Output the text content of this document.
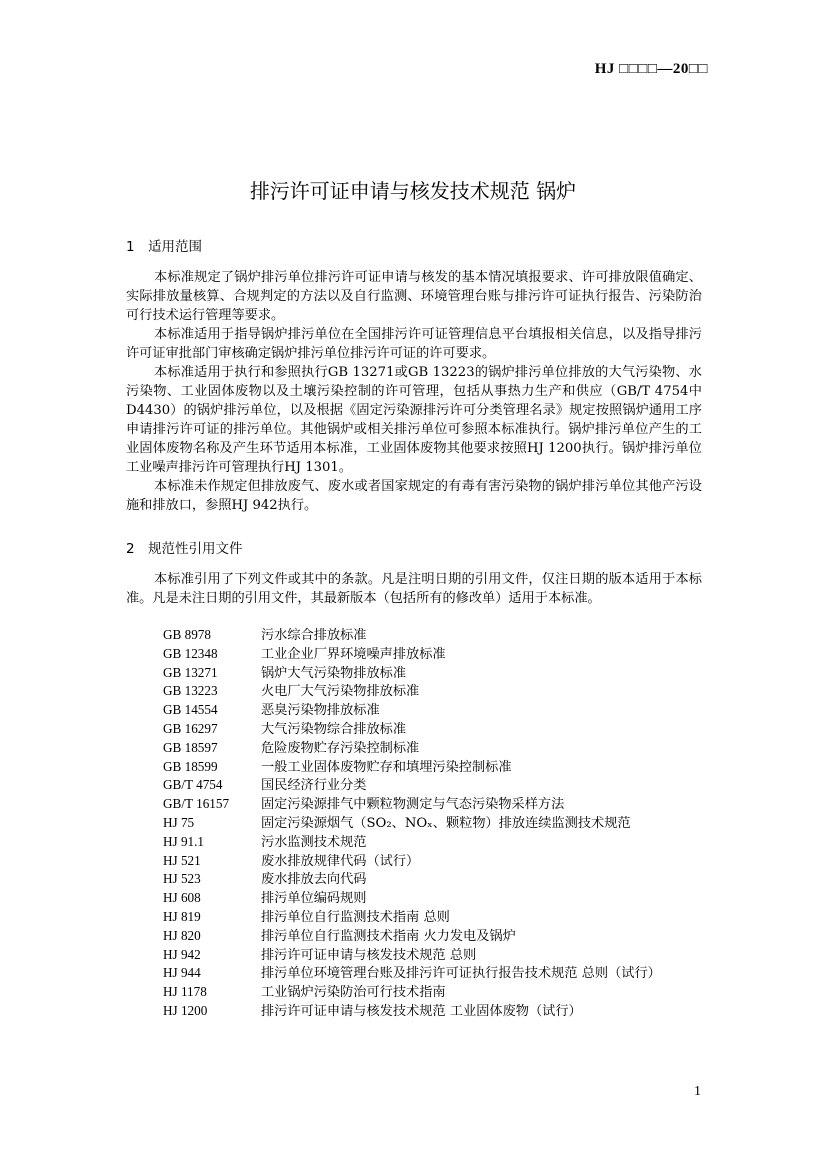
HJ □□□□—20□□
排污许可证申请与核发技术规范 锅炉
1 适用范围

本标准规定了锅炉排污单位排污许可证申请与核发的基本情况填报要求、许可排放限值确定、实际排放量核算、合规判定的方法以及自行监测、环境管理台账与排污许可证执行报告、污染防治可行技术运行管理等要求。

本标准适用于指导锅炉排污单位在全国排污许可证管理信息平台填报相关信息，以及指导排污许可证审批部门审核确定锅炉排污单位排污许可证的许可要求。

本标准适用于执行和参照执行GB 13271或GB 13223的锅炉排污单位排放的大气污染物、水污染物、工业固体废物以及土壤污染控制的许可管理，包括从事热力生产和供应（GB/T 4754中D4430）的锅炉排污单位，以及根据《固定污染源排污许可分类管理名录》规定按照锅炉通用工序申请排污许可证的排污单位。其他锅炉或相关排污单位可参照本标准执行。锅炉排污单位产生的工业固体废物名称及产生环节适用本标准，工业固体废物其他要求按照HJ 1200执行。锅炉排污单位工业噪声排污许可管理执行HJ 1301。

本标准未作规定但排放废气、废水或者国家规定的有毒有害污染物的锅炉排污单位其他产污设施和排放口，参照HJ 942执行。

2 规范性引用文件

本标准引用了下列文件或其中的条款。凡是注明日期的引用文件，仅注日期的版本适用于本标准。凡是未注日期的引用文件，其最新版本（包括所有的修改单）适用于本标准。

GB 8978	污水综合排放标准
GB 12348	工业企业厂界环境噪声排放标准
GB 13271	锅炉大气污染物排放标准
GB 13223	火电厂大气污染物排放标准
GB 14554	恶臭污染物排放标准
GB 16297	大气污染物综合排放标准
GB 18597	危险废物贮存污染控制标准
GB 18599	一般工业固体废物贮存和填埋污染控制标准
GB/T 4754	国民经济行业分类
GB/T 16157 固定污染源排气中颗粒物测定与气态污染物采样方法
HJ 75	固定污染源烟气（SO₂、NOₓ、颗粒物）排放连续监测技术规范
HJ 91.1	污水监测技术规范
HJ 521	废水排放规律代码（试行）
HJ 523	废水排放去向代码
HJ 608	排污单位编码规则
HJ 819	排污单位自行监测技术指南 总则
HJ 820	排污单位自行监测技术指南 火力发电及锅炉
HJ 942	排污许可证申请与核发技术规范 总则
HJ 944	排污单位环境管理台账及排污许可证执行报告技术规范 总则（试行）
HJ 1178	工业锅炉污染防治可行技术指南
HJ 1200	排污许可证申请与核发技术规范 工业固体废物（试行）
1
